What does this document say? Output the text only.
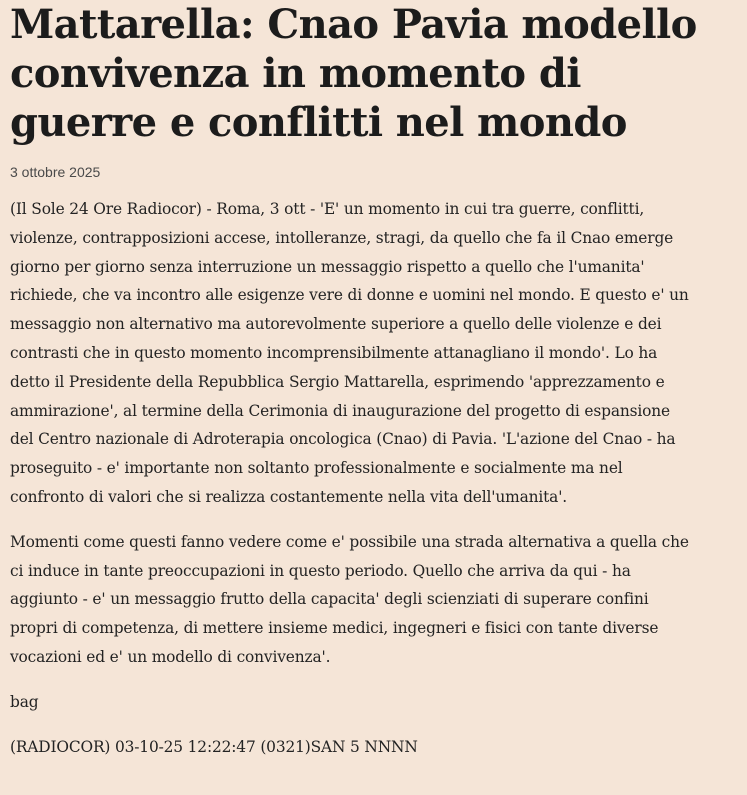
Mattarella: Cnao Pavia modello convivenza in momento di guerre e conflitti nel mondo
3 ottobre 2025

(Il Sole 24 Ore Radiocor) - Roma, 3 ott - 'E' un momento in cui tra guerre, conflitti, violenze, contrapposizioni accese, intolleranze, stragi, da quello che fa il Cnao emerge giorno per giorno senza interruzione un messaggio rispetto a quello che l'umanita' richiede, che va incontro alle esigenze vere di donne e uomini nel mondo. E questo e' un messaggio non alternativo ma autorevolmente superiore a quello delle violenze e dei contrasti che in questo momento incomprensibilmente attanagliano il mondo'. Lo ha detto il Presidente della Repubblica Sergio Mattarella, esprimendo 'apprezzamento e ammirazione', al termine della Cerimonia di inaugurazione del progetto di espansione del Centro nazionale di Adroterapia oncologica (Cnao) di Pavia. 'L'azione del Cnao - ha proseguito - e' importante non soltanto professionalmente e socialmente ma nel confronto di valori che si realizza costantemente nella vita dell'umanita'.

Momenti come questi fanno vedere come e' possibile una strada alternativa a quella che ci induce in tante preoccupazioni in questo periodo. Quello che arriva da qui - ha aggiunto - e' un messaggio frutto della capacita' degli scienziati di superare confini propri di competenza, di mettere insieme medici, ingegneri e fisici con tante diverse vocazioni ed e' un modello di convivenza'.

bag

(RADIOCOR) 03-10-25 12:22:47 (0321)SAN 5 NNNN
